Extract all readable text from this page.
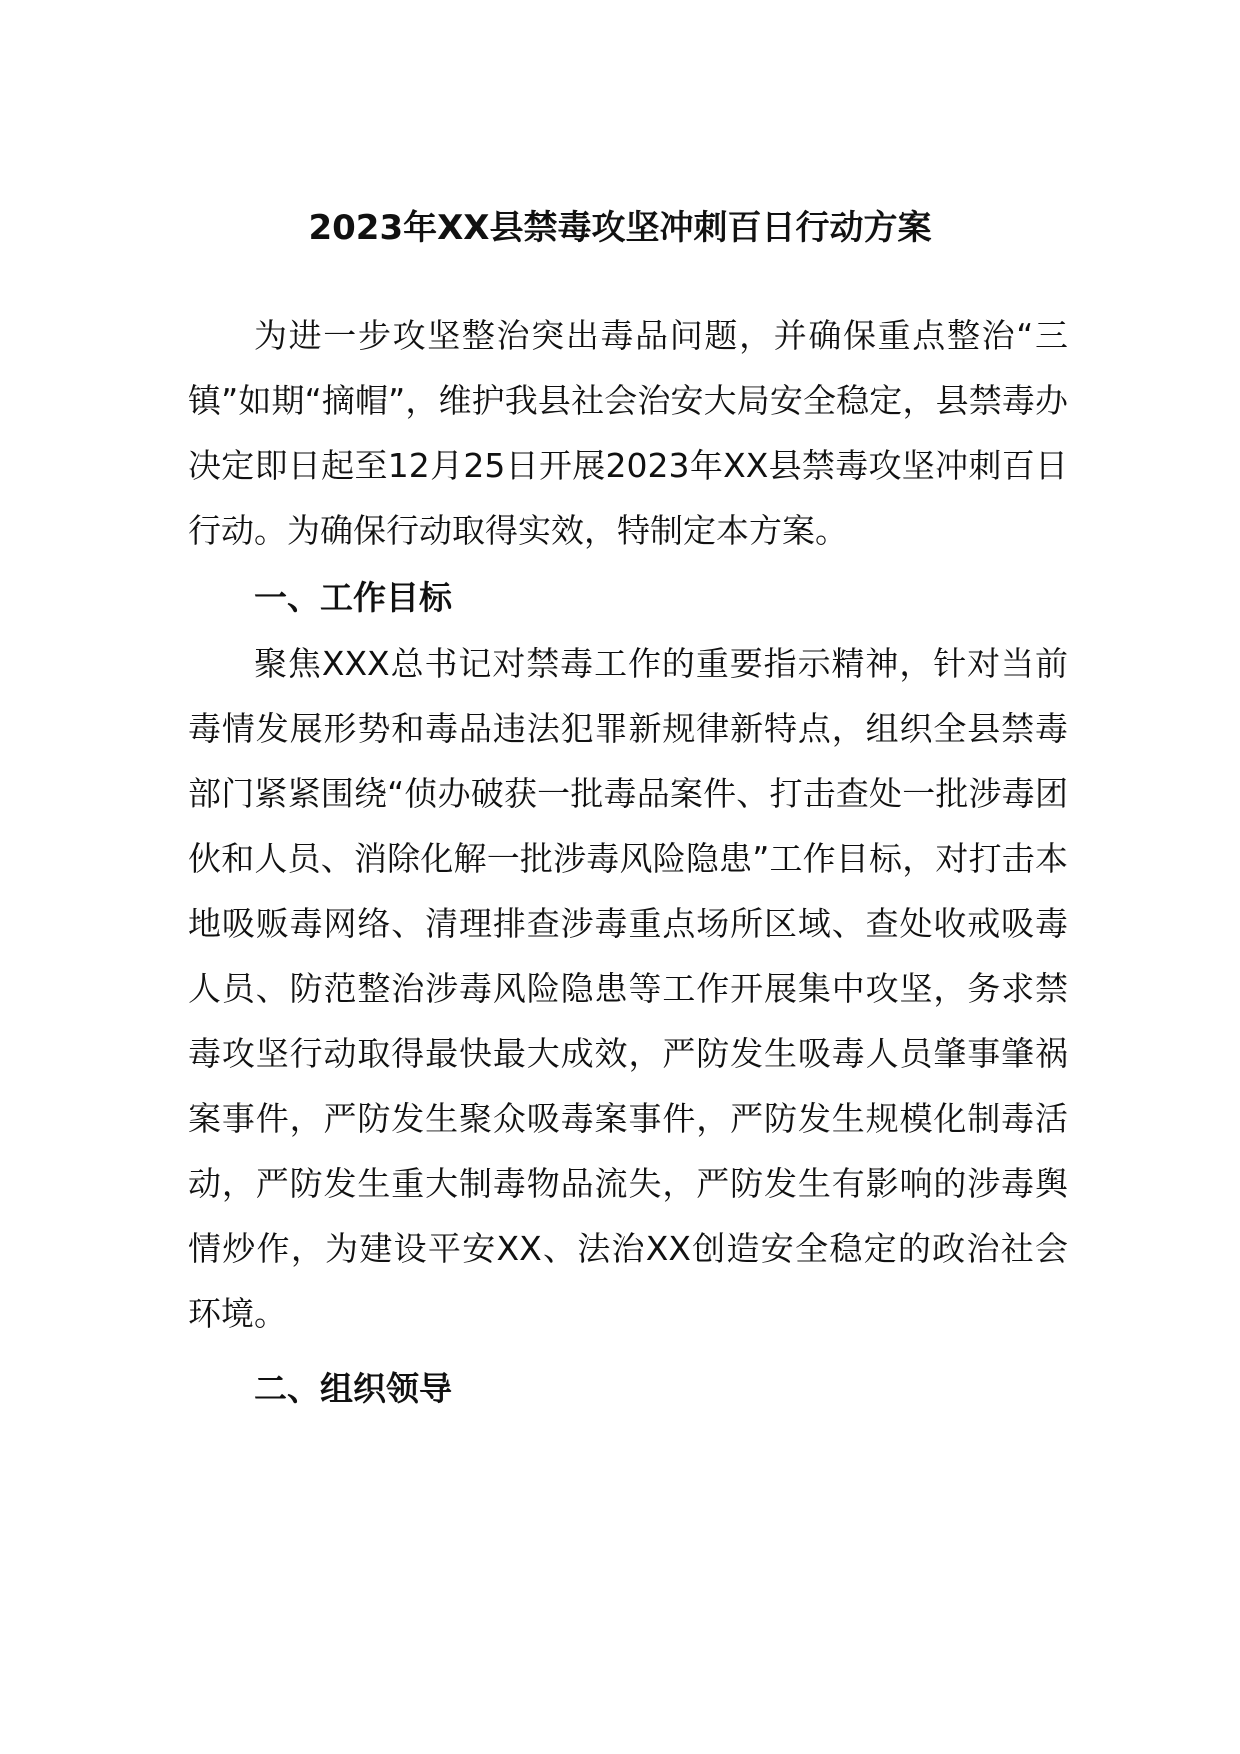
2023年XX县禁毒攻坚冲刺百日行动方案

为进一步攻坚整治突出毒品问题，并确保重点整治“三镇”如期“摘帽”，维护我县社会治安大局安全稳定，县禁毒办决定即日起至12月25日开展2023年XX县禁毒攻坚冲刺百日行动。为确保行动取得实效，特制定本方案。

一、工作目标

聚焦XXX总书记对禁毒工作的重要指示精神，针对当前毒情发展形势和毒品违法犯罪新规律新特点，组织全县禁毒部门紧紧围绕“侦办破获一批毒品案件、打击查处一批涉毒团伙和人员、消除化解一批涉毒风险隐患”工作目标，对打击本地吸贩毒网络、清理排查涉毒重点场所区域、查处收戒吸毒人员、防范整治涉毒风险隐患等工作开展集中攻坚，务求禁毒攻坚行动取得最快最大成效，严防发生吸毒人员肇事肇祸案事件，严防发生聚众吸毒案事件，严防发生规模化制毒活动，严防发生重大制毒物品流失，严防发生有影响的涉毒舆情炒作，为建设平安XX、法治XX创造安全稳定的政治社会环境。

二、组织领导
